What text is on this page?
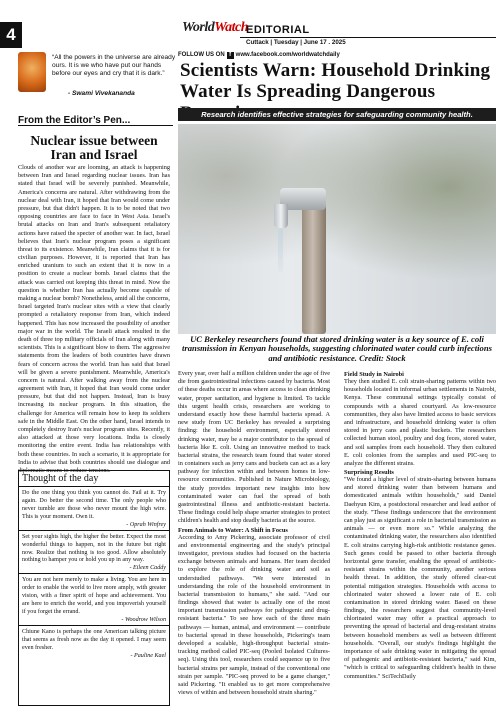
4	WorldWatch
EDITORIAL
Cuttack | Tuesday | June 17 . 2025
FOLLOW US ON f www.facebook.com/worldwatchdaily
“All the powers in the universe are already ours. It is we who have put our hands before our eyes and cry that it is dark.”
- Swami Vivekananda
From the Editor’s Pen...
Nuclear issue between Iran and Israel
Clouds of another war are looming, an attack is happening between Iran and Israel regarding nuclear issues. Iran has stated that Israel will be severely punished. Meanwhile, America's concerns are natural. After withdrawing from the nuclear deal with Iran, it hoped that Iran would come under pressure, but that didn't happen. It is to be noted that two opposing countries are face to face in West Asia. Israel's brutal attacks on Iran and Iran's subsequent retaliatory actions have raised the specter of another war. In fact, Israel believes that Iran's nuclear program poses a significant threat to its existence. Meanwhile, Iran claims that it is for civilian purposes. However, it is reported that Iran has enriched uranium to such an extent that it is now in a position to create a nuclear bomb. Israel claims that the attack was carried out keeping this threat in mind. Now the question is whether Iran has actually become capable of making a nuclear bomb? Nonetheless, amid all the concerns, Israel targeted Iran's nuclear sites with a view that clearly prompted a retaliatory response from Iran, which indeed happened. This has now increased the possibility of another major war in the world. The Israeli attack resulted in the death of three top military officials of Iran along with many scientists. This is a significant blow to them. The aggressive statements from the leaders of both countries have drawn fears of concern across the world. Iran has said that Israel will be given a severe punishment. Meanwhile, America's concern is natural. After walking away from the nuclear agreement with Iran, it hoped that Iran would come under pressure, but that did not happen. Instead, Iran is busy increasing its nuclear program. In this situation, the challenge for America will remain how to keep its soldiers safe in the Middle East. On the other hand, Israel intends to completely destroy Iran's nuclear program sites. Recently, it also attacked at those very locations. India is closely monitoring the entire event. India has relationships with both these countries. In such a scenario, it is appropriate for India to advise that both countries should use dialogue and diplomatic means to reduce tensions.
Thought of the day

Do the one thing you think you cannot do. Fail at it. Try again. Do better the second time. The only people who never tumble are those who never mount the high wire. This is your moment. Own it.

- Oprah Winfrey

Set your sights high, the higher the better. Expect the most wonderful things to happen, not in the future but right now. Realize that nothing is too good. Allow absolutely nothing to hamper you or hold you up in any way.

- Eileen Caddy

You are not here merely to make a living. You are here in order to enable the world to live more amply, with greater vision, with a finer spirit of hope and achievement. You are here to enrich the world, and you impoverish yourself if you forget the errand.

- Woodrow Wilson

Chiune Kano is perhaps the one American talking picture that seems as fresh now as the day it opened. I may seem even fresher.

- Pauline Kael
Scientists Warn: Household Drinking Water Is Spreading Dangerous
Research identifies effective strategies for safeguarding community health.
UC Berkeley researchers found that stored drinking water is a key source of E. coli transmission in Kenyan households, suggesting chlorinated water could curb infections and antibiotic resistance. Credit: Stock

Every year, over half a million children under the age of five die from gastrointestinal infections caused by bacteria. Most of these deaths occur in areas where access to clean drinking water, proper sanitation, and hygiene is limited. To tackle this urgent health crisis, researchers are working to understand exactly how these harmful bacteria spread. A new study from UC Berkeley has revealed a surprising finding: the household environment, especially stored drinking water, may be a major contributor to the spread of bacteria like E. coli. Using an innovative method to track bacterial strains, the research team found that water stored in containers such as jerry cans and buckets can act as a key pathway for infection within and between homes in low-resource communities. Published in Nature Microbiology, the study provides important new insights into how contaminated water can fuel the spread of both gastrointestinal illness and antibiotic-resistant bacteria. These findings could help shape smarter strategies to protect children's health and stop deadly bacteria at the source.

From Animals to Water: A Shift in Focus

According to Amy Pickering, associate professor of civil and environmental engineering and the study's principal investigator, previous studies had focused on the bacteria exchange between animals and humans. Her team decided to explore the role of drinking water and soil as understudied pathways. "We were interested in understanding the role of the household environment in bacterial transmission to humans," she said. "And our findings showed that water is actually one of the most important transmission pathways for pathogenic and drug-resistant bacteria." To see how each of the three main pathways — human, animal, and environment — contribute to bacterial spread in these households, Pickering's team developed a scalable, high-throughput bacterial strain-tracking method called PIC-seq (Pooled Isolated Cultures-seq). Using this tool, researchers could sequence up to five bacterial strains per sample, instead of the conventional one strain per sample. "PIC-seq proved to be a game changer," said Pickering. "It enabled us to get more comprehensive views of within and between household strain sharing."

Field Study in Nairobi

They then studied E. coli strain-sharing patterns within two households located in informal urban settlements in Nairobi, Kenya. These communal settings typically consist of compounds with a shared courtyard. As low-resource communities, they also have limited access to basic services and infrastructure, and household drinking water is often stored in jerry cans and plastic buckets. The researchers collected human stool, poultry and dog feces, stored water, and soil samples from each household. They then cultured E. coli colonies from the samples and used PIC-seq to analyze the different strains.

Surprising Results

"We found a higher level of strain-sharing between humans and stored drinking water than between humans and domesticated animals within households," said Daniel Daehyun Kim, a postdoctoral researcher and lead author of the study. "These findings underscore that the environment can play just as significant a role in bacterial transmission as animals — or even more so." While analyzing the contaminated drinking water, the researchers also identified E. coli strains carrying high-risk antibiotic resistance genes. Such genes could be passed to other bacteria through horizontal gene transfer, enabling the spread of antibiotic-resistant strains within the community, another serious health threat. In addition, the study offered clear-cut potential mitigation strategies. Households with access to chlorinated water showed a lower rate of E. coli contamination in stored drinking water. Based on these findings, the researchers suggest that community-level chlorinated water may offer a practical approach to preventing the spread of bacterial and drug-resistant strains between household members as well as between different households. "Overall, our study's findings highlight the importance of safe drinking water in mitigating the spread of pathogenic and antibiotic-resistant bacteria," said Kim, "which is critical to safeguarding children's health in these communities." SciTechDaily
